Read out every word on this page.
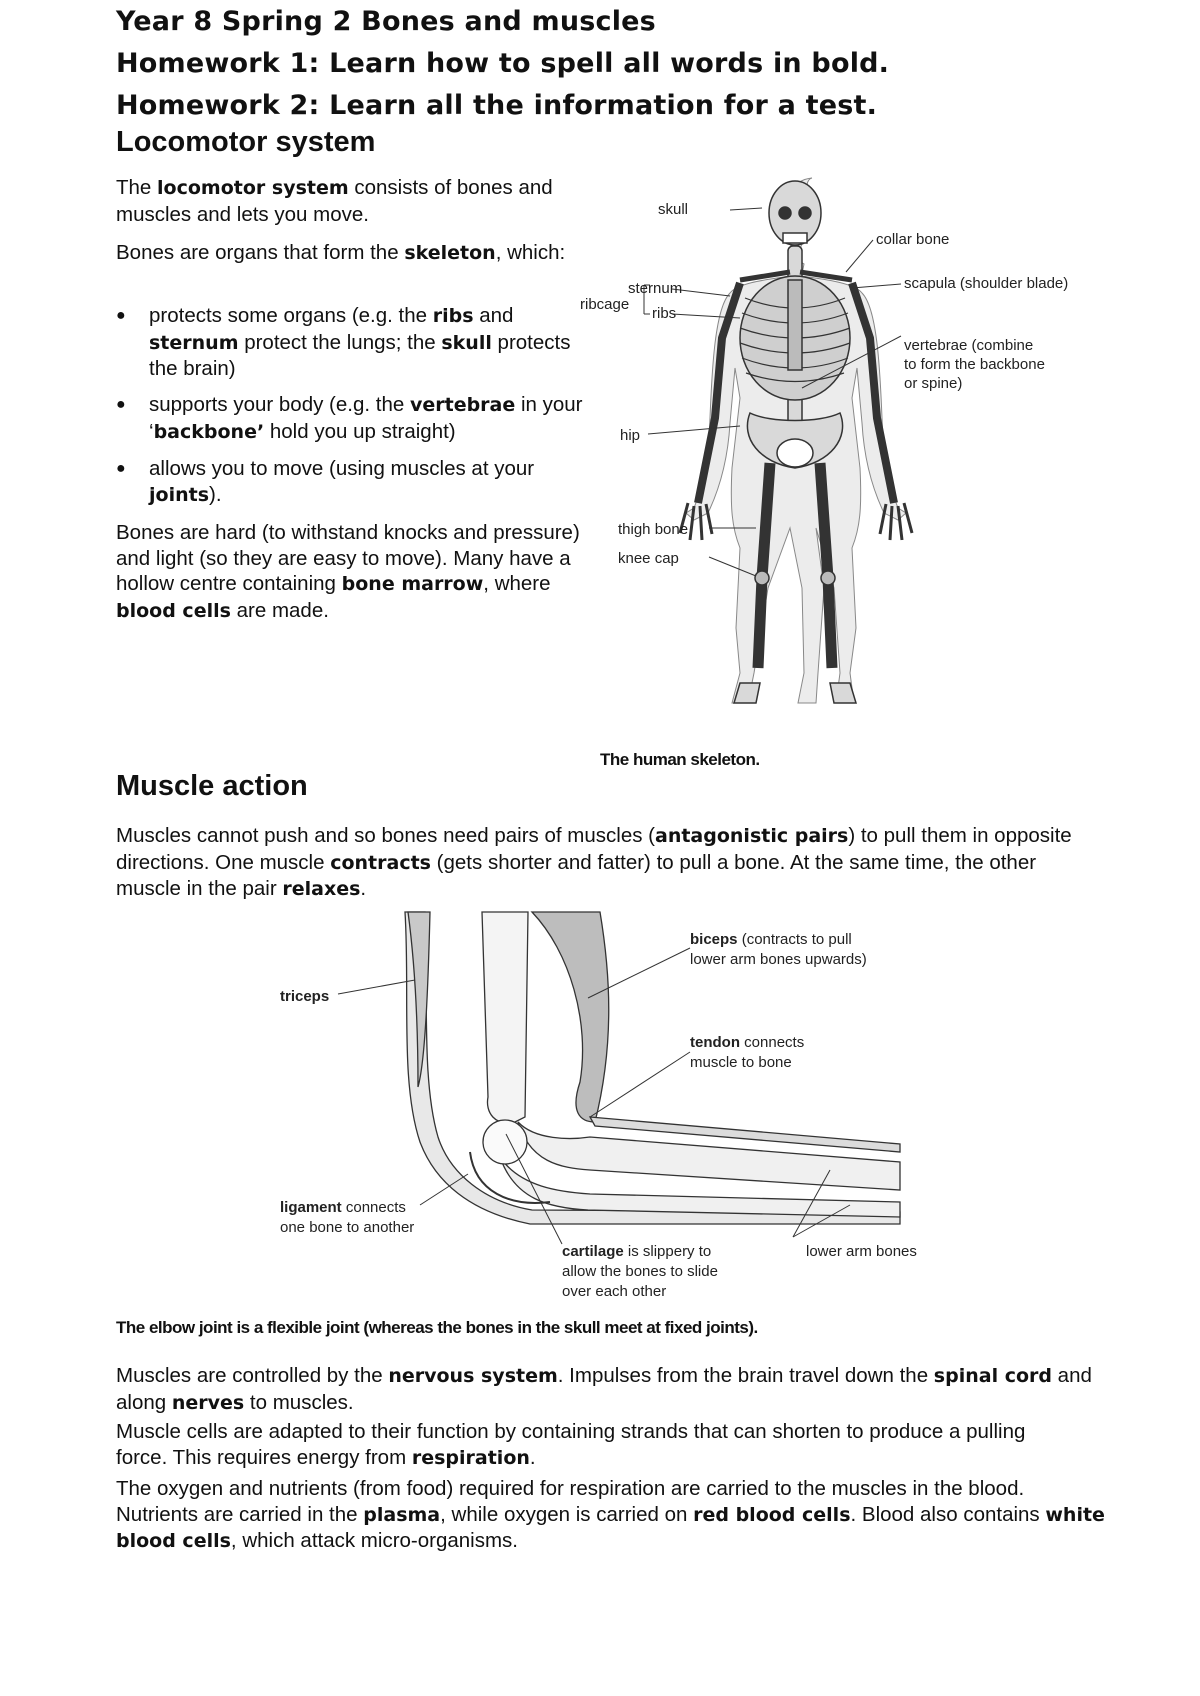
Year 8 Spring 2 Bones and muscles
Homework 1: Learn how to spell all words in bold.
Homework 2: Learn all the information for a test.
Locomotor system

The locomotor system consists of bones and muscles and lets you move.

Bones are organs that form the skeleton, which:

● protects some organs (e.g. the ribs and sternum protect the lungs; the skull protects the brain)
● supports your body (e.g. the vertebrae in your ‘backbone’ hold you up straight)
● allows you to move (using muscles at your joints).

Bones are hard (to withstand knocks and pressure) and light (so they are easy to move). Many have a hollow centre containing bone marrow, where blood cells are made.

skull
collar bone
sternum	scapula (shoulder blade)
ribcage
ribs
vertebrae (combine
to form the backbone
or spine)
hip
thigh bone
knee cap

The human skeleton.

Muscle action

Muscles cannot push and so bones need pairs of muscles (antagonistic pairs) to pull them in opposite directions. One muscle contracts (gets shorter and fatter) to pull a bone. At the same time, the other muscle in the pair relaxes.

triceps
biceps (contracts to pull
lower arm bones upwards)
tendon connects
muscle to bone
ligament connects
one bone to another
cartilage is slippery to
allow the bones to slide
over each other
lower arm bones

The elbow joint is a flexible joint (whereas the bones in the skull meet at fixed joints).

Muscles are controlled by the nervous system. Impulses from the brain travel down the spinal cord and along nerves to muscles.

Muscle cells are adapted to their function by containing strands that can shorten to produce a pulling force. This requires energy from respiration.

The oxygen and nutrients (from food) required for respiration are carried to the muscles in the blood. Nutrients are carried in the plasma, while oxygen is carried on red blood cells. Blood also contains white blood cells, which attack micro-organisms.
